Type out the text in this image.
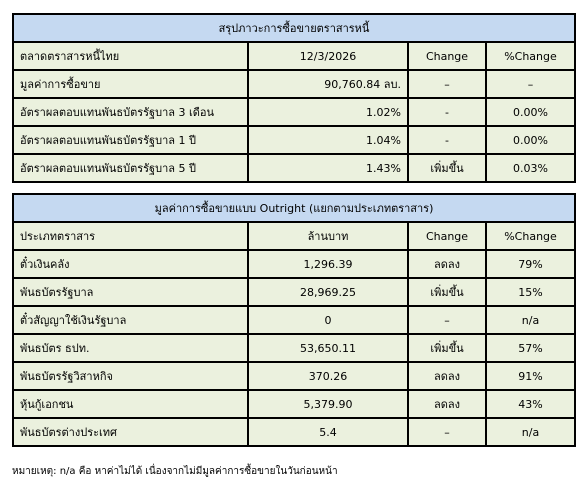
สรุปภาวะการซื้อขายตราสารหนี้			
ตลาดตราสารหนี้ไทย	12/3/2026	Change	%Change
มูลค่าการซื้อขาย	90,760.84 ลบ.	–	–
อัตราผลตอบแทนพันธบัตรรัฐบาล 3 เดือน	1.02%	-	0.00%
อัตราผลตอบแทนพันธบัตรรัฐบาล 1 ปี	1.04%	-	0.00%
อัตราผลตอบแทนพันธบัตรรัฐบาล 5 ปี	1.43%	เพิ่มขึ้น	0.03%
มูลค่าการซื้อขายแบบ Outright (แยกตามประเภทตราสาร)			
ประเภทตราสาร	ล้านบาท	Change	%Change
ตั๋วเงินคลัง	1,296.39	ลดลง	79%
พันธบัตรรัฐบาล	28,969.25	เพิ่มขึ้น	15%
ตั๋วสัญญาใช้เงินรัฐบาล	0	–	n/a
พันธบัตร ธปท.	53,650.11	เพิ่มขึ้น	57%
พันธบัตรรัฐวิสาหกิจ	370.26	ลดลง	91%
หุ้นกู้เอกชน	5,379.90	ลดลง	43%
พันธบัตรต่างประเทศ	5.4	–	n/a
หมายเหตุ: n/a คือ หาค่าไม่ได้ เนื่องจากไม่มีมูลค่าการซื้อขายในวันก่อนหน้า
